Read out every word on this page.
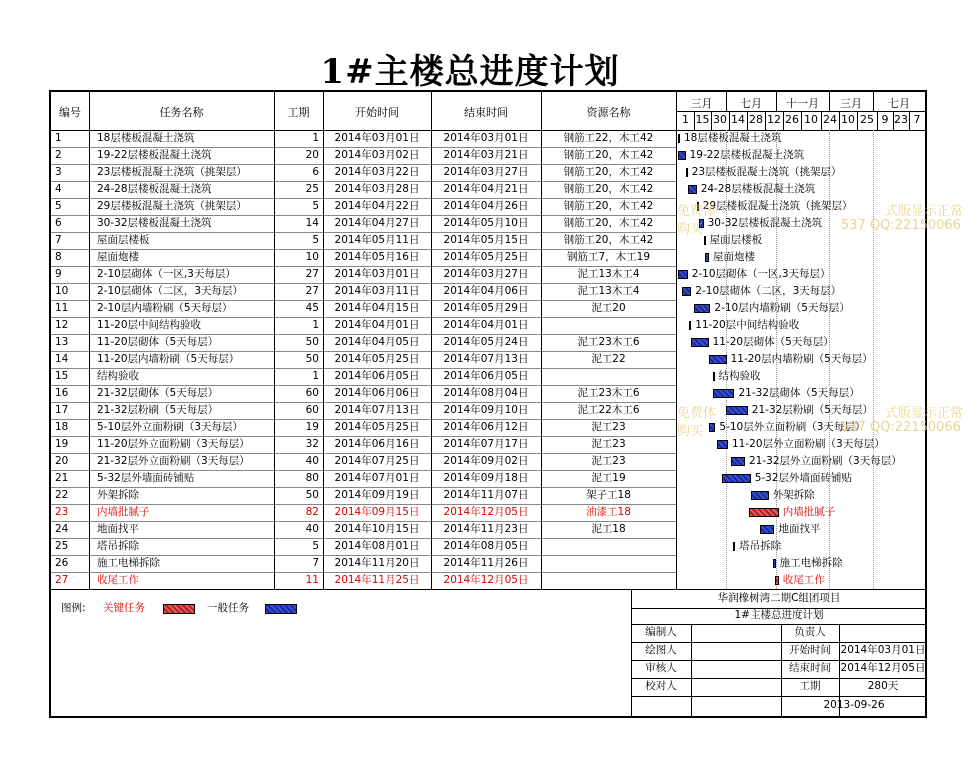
1#主楼总进度计划
图例: 关键任务	一般任务
编号	任务名称	工期	开始时间	结束时间	资源名称
1	18层楼板混凝土浇筑	1	2014年03月01日	2014年03月01日	钢筋工22，木工42
2	19-22层楼板混凝土浇筑	20	2014年03月02日	2014年03月21日	钢筋工20，木工42
3	23层楼板混凝土浇筑（挑架层）	6	2014年03月22日	2014年03月27日	钢筋工20，木工42
4	24-28层楼板混凝土浇筑	25	2014年03月28日	2014年04月21日	钢筋工20，木工42
5	29层楼板混凝土浇筑（挑架层）	5	2014年04月22日	2014年04月26日	钢筋工20，木工42
6	30-32层楼板混凝土浇筑	14	2014年04月27日	2014年05月10日	钢筋工20，木工42
7	屋面层楼板	5	2014年05月11日	2014年05月15日	钢筋工20，木工42
8	屋面炮楼	10	2014年05月16日	2014年05月25日	钢筋工7，木工19
9	2-10层砌体（一区,3天每层）	27	2014年03月01日	2014年03月27日	泥工13木工4
10	2-10层砌体（二区，3天每层）	27	2014年03月11日	2014年04月06日	泥工13木工4
11	2-10层内墙粉刷（5天每层）	45	2014年04月15日	2014年05月29日	泥工20
12	11-20层中间结构验收	1	2014年04月01日	2014年04月01日
13	11-20层砌体（5天每层）	50	2014年04月05日	2014年05月24日	泥工23木工6
14	11-20层内墙粉刷（5天每层）	50	2014年05月25日	2014年07月13日	泥工22
15	结构验收	1	2014年06月05日	2014年06月05日
16	21-32层砌体（5天每层）	60	2014年06月06日	2014年08月04日	泥工23木工6
17	21-32层粉刷（5天每层）	60	2014年07月13日	2014年09月10日	泥工22木工6
18	5-10层外立面粉刷（3天每层）	19	2014年05月25日	2014年06月12日	泥工23
19	11-20层外立面粉刷（3天每层）	32	2014年06月16日	2014年07月17日	泥工23
20	21-32层外立面粉刷（3天每层）	40	2014年07月25日	2014年09月02日	泥工23
21	5-32层外墙面砖铺贴	80	2014年07月01日	2014年09月18日	泥工19
22	外架拆除	50	2014年09月19日	2014年11月07日	架子工18
23	内墙批腻子	82	2014年09月15日	2014年12月05日	油漆工18
24	地面找平	40	2014年10月15日	2014年11月23日	泥工18
25	塔吊拆除	5	2014年08月01日	2014年08月05日
26	施工电梯拆除	7	2014年11月20日	2014年11月26日
27	收尾工作	11	2014年11月25日	2014年12月05日
三月	七月	十一月	三月	七月
1 15 30 14 28 12 26 10 24 10 25 9 23 7
18层楼板混凝土浇筑
19-22层楼板混凝土浇筑
23层楼板混凝土浇筑（挑架层）
24-28层楼板混凝土浇筑
29层楼板混凝土浇筑（挑架层）
30-32层楼板混凝土浇筑
屋面层楼板
屋面炮楼
2-10层砌体（一区,3天每层）
2-10层砌体（二区，3天每层）
2-10层内墙粉刷（5天每层）
11-20层中间结构验收
11-20层砌体（5天每层）
11-20层内墙粉刷（5天每层）
结构验收
21-32层砌体（5天每层）
21-32层粉刷（5天每层）
5-10层外立面粉刷（3天每层）
11-20层外立面粉刷（3天每层）
21-32层外立面粉刷（3天每层）
5-32层外墙面砖铺贴
外架拆除
内墙批腻子
地面找平
塔吊拆除
施工电梯拆除
收尾工作
免费体	式版显示正常
购买	537 QQ:22150066
免费体	式版显示正常
购买	537 QQ:22150066
华润橡树湾二期C组团项目
1#主楼总进度计划
编制人	负责人
绘图人	开始时间 2014年03月01日
审核人	结束时间 2014年12月05日
校对人	工期	280天
2013-09-26
